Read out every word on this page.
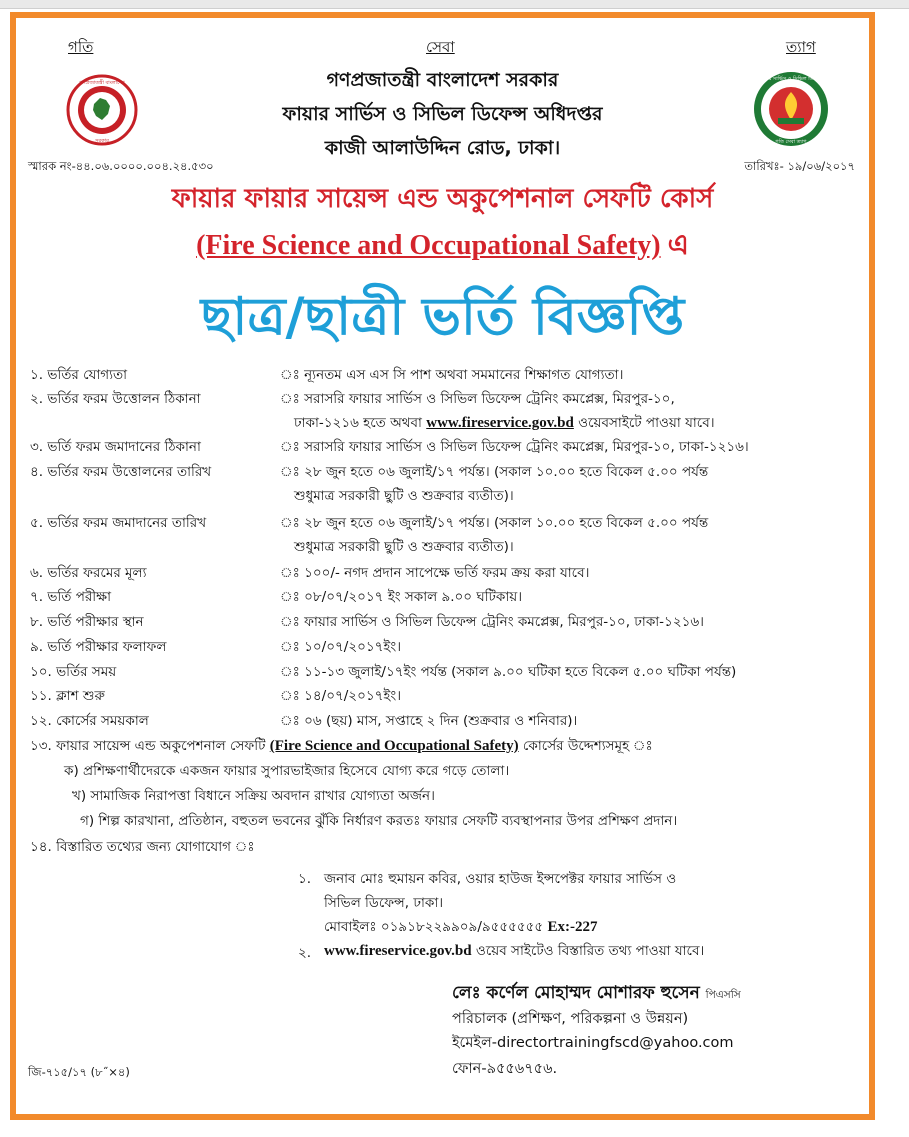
গতি	সেবা	ত্যাগ
গণপ্রজাতন্ত্রী বাংলাদেশ
সরকার
ফায়ার সার্ভিস ও সিভিল ডিফেন্স
গতি সেবা ত্যাগ
গণপ্রজাতন্ত্রী বাংলাদেশ সরকার
ফায়ার সার্ভিস ও সিভিল ডিফেন্স অধিদপ্তর
কাজী আলাউদ্দিন রোড, ঢাকা।
স্মারক নং-৪৪.০৬.০০০০.০০৪.২৪.৫৩০	তারিখঃ- ১৯/০৬/২০১৭
ফায়ার ফায়ার সায়েন্স এন্ড অকুপেশনাল সেফটি কোর্স
(Fire Science and Occupational Safety) এ
ছাত্র/ছাত্রী ভর্তি বিজ্ঞপ্তি
১. ভর্তির যোগ্যতা	ঃ ন্যূনতম এস এস সি পাশ অথবা সমমানের শিক্ষাগত যোগ্যতা।
২. ভর্তির ফরম উত্তোলন ঠিকানা	ঃ সরাসরি ফায়ার সার্ভিস ও সিভিল ডিফেন্স ট্রেনিং কমপ্লেক্স, মিরপুর-১০,
ঢাকা-১২১৬ হতে অথবা www.fireservice.gov.bd ওয়েবসাইটে পাওয়া যাবে।
৩. ভর্তি ফরম জমাদানের ঠিকানা	ঃ সরাসরি ফায়ার সার্ভিস ও সিভিল ডিফেন্স ট্রেনিং কমপ্লেক্স, মিরপুর-১০, ঢাকা-১২১৬।
৪. ভর্তির ফরম উত্তোলনের তারিখ	ঃ ২৮ জুন হতে ০৬ জুলাই/১৭ পর্যন্ত। (সকাল ১০.০০ হতে বিকেল ৫.০০ পর্যন্ত
শুধুমাত্র সরকারী ছুটি ও শুক্রবার ব্যতীত)।
৫. ভর্তির ফরম জমাদানের তারিখ	ঃ ২৮ জুন হতে ০৬ জুলাই/১৭ পর্যন্ত। (সকাল ১০.০০ হতে বিকেল ৫.০০ পর্যন্ত
শুধুমাত্র সরকারী ছুটি ও শুক্রবার ব্যতীত)।
৬. ভর্তির ফরমের মূল্য	ঃ ১০০/- নগদ প্রদান সাপেক্ষে ভর্তি ফরম ক্রয় করা যাবে।
৭. ভর্তি পরীক্ষা	ঃ ০৮/০৭/২০১৭ ইং সকাল ৯.০০ ঘটিকায়।
৮. ভর্তি পরীক্ষার স্থান	ঃ ফায়ার সার্ভিস ও সিভিল ডিফেন্স ট্রেনিং কমপ্লেক্স, মিরপুর-১০, ঢাকা-১২১৬।
৯. ভর্তি পরীক্ষার ফলাফল	ঃ ১০/০৭/২০১৭ইং।
১০. ভর্তির সময়	ঃ ১১-১৩ জুলাই/১৭ইং পর্যন্ত (সকাল ৯.০০ ঘটিকা হতে বিকেল ৫.০০ ঘটিকা পর্যন্ত)
১১. ক্লাশ শুরু	ঃ ১৪/০৭/২০১৭ইং।
১২. কোর্সের সময়কাল	ঃ ০৬ (ছয়) মাস, সপ্তাহে ২ দিন (শুক্রবার ও শনিবার)।
১৩. ফায়ার সায়েন্স এন্ড অকুপেশনাল সেফটি (Fire Science and Occupational Safety) কোর্সের উদ্দেশ্যসমূহ ঃ
ক) প্রশিক্ষণার্থীদেরকে একজন ফায়ার সুপারভাইজার হিসেবে যোগ্য করে গড়ে তোলা।
খ) সামাজিক নিরাপত্তা বিধানে সক্রিয় অবদান রাখার যোগ্যতা অর্জন।
গ) শিল্প কারখানা, প্রতিষ্ঠান, বহুতল ভবনের ঝুঁকি নির্ধারণ করতঃ ফায়ার সেফটি ব্যবস্থাপনার উপর প্রশিক্ষণ প্রদান।
১৪. বিস্তারিত তথ্যের জন্য যোগাযোগ ঃ
১. জনাব মোঃ হুমায়ন কবির, ওয়ার হাউজ ইন্সপেক্টর ফায়ার সার্ভিস ও
সিভিল ডিফেন্স, ঢাকা।
মোবাইলঃ ০১৯১৮২২৯৯০৯/৯৫৫৫৫৫৫ Ex:-227
২. www.fireservice.gov.bd ওয়েব সাইটেও বিস্তারিত তথ্য পাওয়া যাবে।
লেঃ কর্ণেল মোহাম্মদ মোশারফ হুসেন পিএসসি
পরিচালক (প্রশিক্ষণ, পরিকল্পনা ও উন্নয়ন)
ইমেইল-directortrainingfscd@yahoo.com
ফোন-৯৫৫৬৭৫৬.
জি-৭১৫/১৭ (৮˝×৪)
